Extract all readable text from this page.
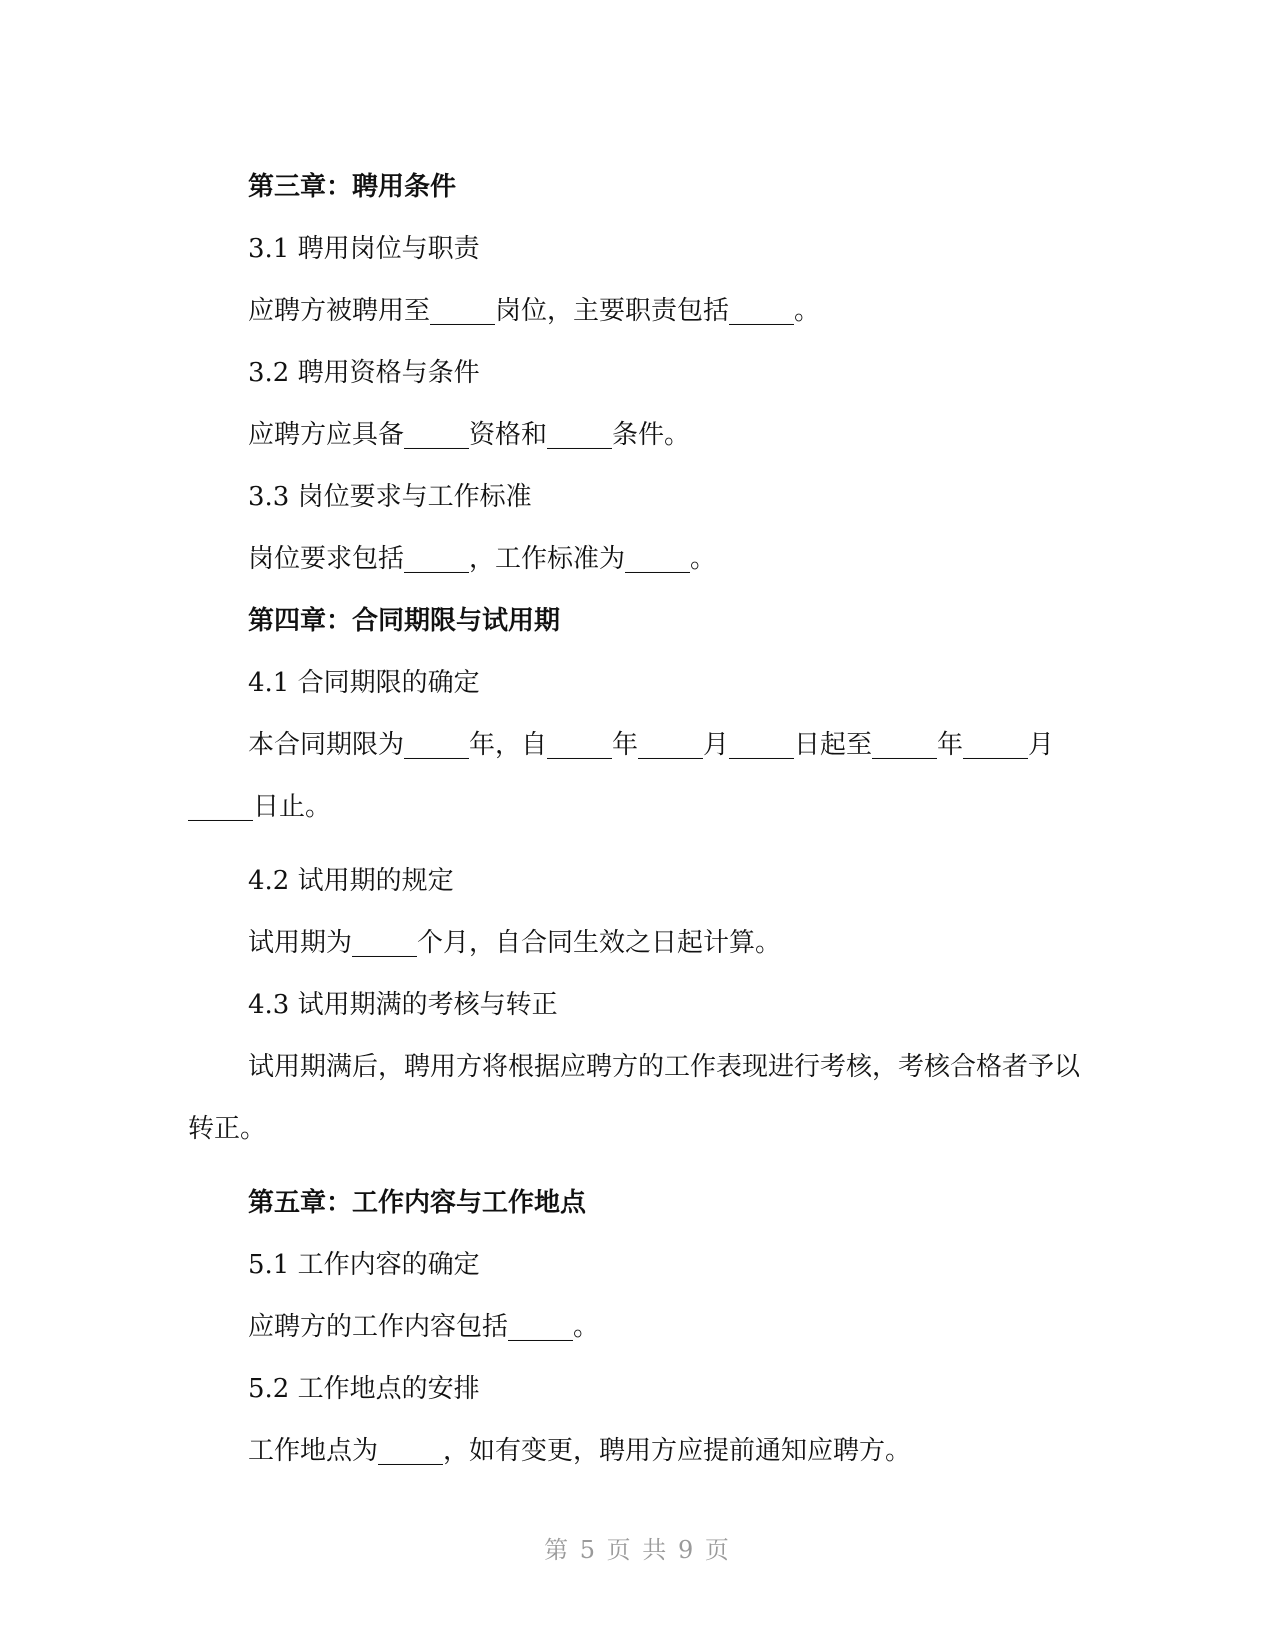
第三章：聘用条件
3.1 聘用岗位与职责
应聘方被聘用至_____岗位，主要职责包括_____。
3.2 聘用资格与条件
应聘方应具备_____资格和_____条件。
3.3 岗位要求与工作标准
岗位要求包括_____，工作标准为_____。
第四章：合同期限与试用期
4.1 合同期限的确定
本合同期限为_____年，自_____年_____月_____日起至_____年_____月_____日止。
4.2 试用期的规定
试用期为_____个月，自合同生效之日起计算。
4.3 试用期满的考核与转正
试用期满后，聘用方将根据应聘方的工作表现进行考核，考核合格者予以转正。
第五章：工作内容与工作地点
5.1 工作内容的确定
应聘方的工作内容包括_____。
5.2 工作地点的安排
工作地点为_____，如有变更，聘用方应提前通知应聘方。
第 5 页 共 9 页
